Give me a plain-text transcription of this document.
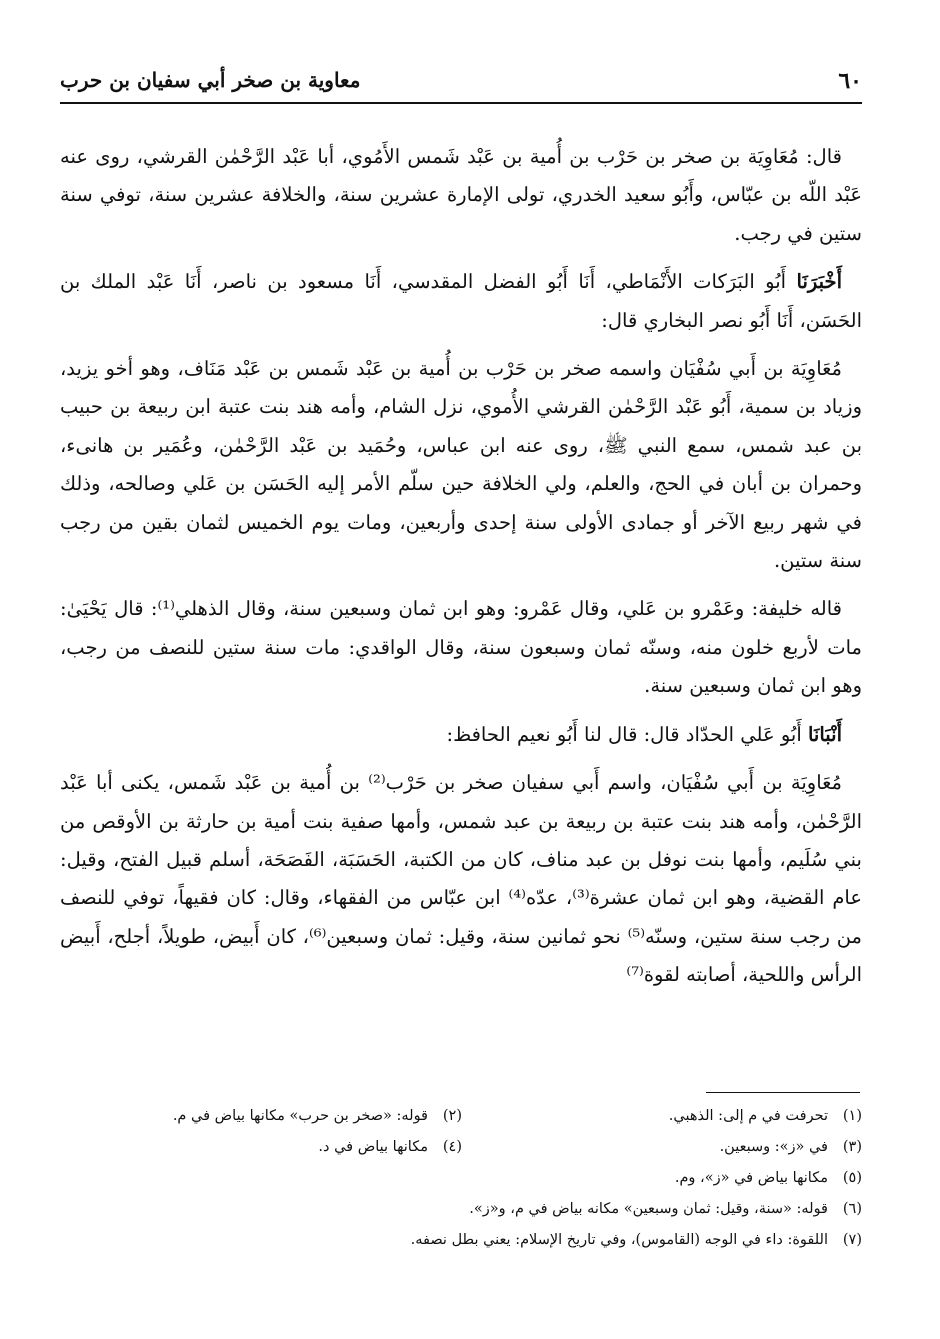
٦٠
معاوية بن صخر أبي سفيان بن حرب

قال: مُعَاوِيَة بن صخر بن حَرْب بن أُمية بن عَبْد شَمس الأَمُوي، أبا عَبْد الرَّحْمٰن القرشي، روى عنه عَبْد اللّه بن عبّاس، وأَبُو سعيد الخدري، تولى الإمارة عشرين سنة، والخلافة عشرين سنة، توفي سنة ستين في رجب.

أَخْبَرَنَا أَبُو البَرَكات الأَنْمَاطي، أَنَا أَبُو الفضل المقدسي، أَنَا مسعود بن ناصر، أَنَا عَبْد الملك بن الحَسَن، أَنَا أَبُو نصر البخاري قال:

مُعَاوِيَة بن أَبي سُفْيَان واسمه صخر بن حَرْب بن أُمية بن عَبْد شَمس بن عَبْد مَنَاف، وهو أخو يزيد، وزياد بن سمية، أَبُو عَبْد الرَّحْمٰن القرشي الأُموي، نزل الشام، وأمه هند بنت عتبة ابن ربيعة بن حبيب بن عبد شمس، سمع النبي ﷺ، روى عنه ابن عباس، وحُمَيد بن عَبْد الرَّحْمٰن، وعُمَير بن هانىء، وحمران بن أبان في الحج، والعلم، ولي الخلافة حين سلّم الأمر إليه الحَسَن بن عَلي وصالحه، وذلك في شهر ربيع الآخر أو جمادى الأولى سنة إحدى وأربعين، ومات يوم الخميس لثمان بقين من رجب سنة ستين.

قاله خليفة: وعَمْرو بن عَلي، وقال عَمْرو: وهو ابن ثمان وسبعين سنة، وقال الذهلي⁽¹⁾: قال يَحْيَىٰ: مات لأربع خلون منه، وسنّه ثمان وسبعون سنة، وقال الواقدي: مات سنة ستين للنصف من رجب، وهو ابن ثمان وسبعين سنة.

أَنْبَانَا أَبُو عَلي الحدّاد قال: قال لنا أَبُو نعيم الحافظ:

مُعَاوِيَة بن أَبي سُفْيَان، واسم أَبي سفيان صخر بن حَرْب⁽²⁾ بن أُمية بن عَبْد شَمس، يكنى أبا عَبْد الرَّحْمٰن، وأمه هند بنت عتبة بن ربيعة بن عبد شمس، وأمها صفية بنت أمية بن حارثة بن الأوقص من بني سُلَيم، وأمها بنت نوفل بن عبد مناف، كان من الكتبة، الحَسَبَة، الفَصَحَة، أسلم قبيل الفتح، وقيل: عام القضية، وهو ابن ثمان عشرة⁽³⁾، عدّه⁽⁴⁾ ابن عبّاس من الفقهاء، وقال: كان فقيهاً، توفي للنصف من رجب سنة ستين، وسنّه⁽⁵⁾ نحو ثمانين سنة، وقيل: ثمان وسبعين⁽⁶⁾، كان أَبيض، طويلاً، أجلح، أَبيض الرأس واللحية، أصابته لقوة⁽⁷⁾

(١)تحرفت في م إلى: الذهبي.
(٢)قوله: «صخر بن حرب» مكانها بياض في م.
(٣)في «ز»: وسبعين.
(٤)مكانها بياض في د.
(٥)مكانها بياض في «ز»، وم.
(٦)قوله: «سنة، وقيل: ثمان وسبعين» مكانه بياض في م، و«ز».
(٧)اللقوة: داء في الوجه (القاموس)، وفي تاريخ الإسلام: يعني بطل نصفه.
